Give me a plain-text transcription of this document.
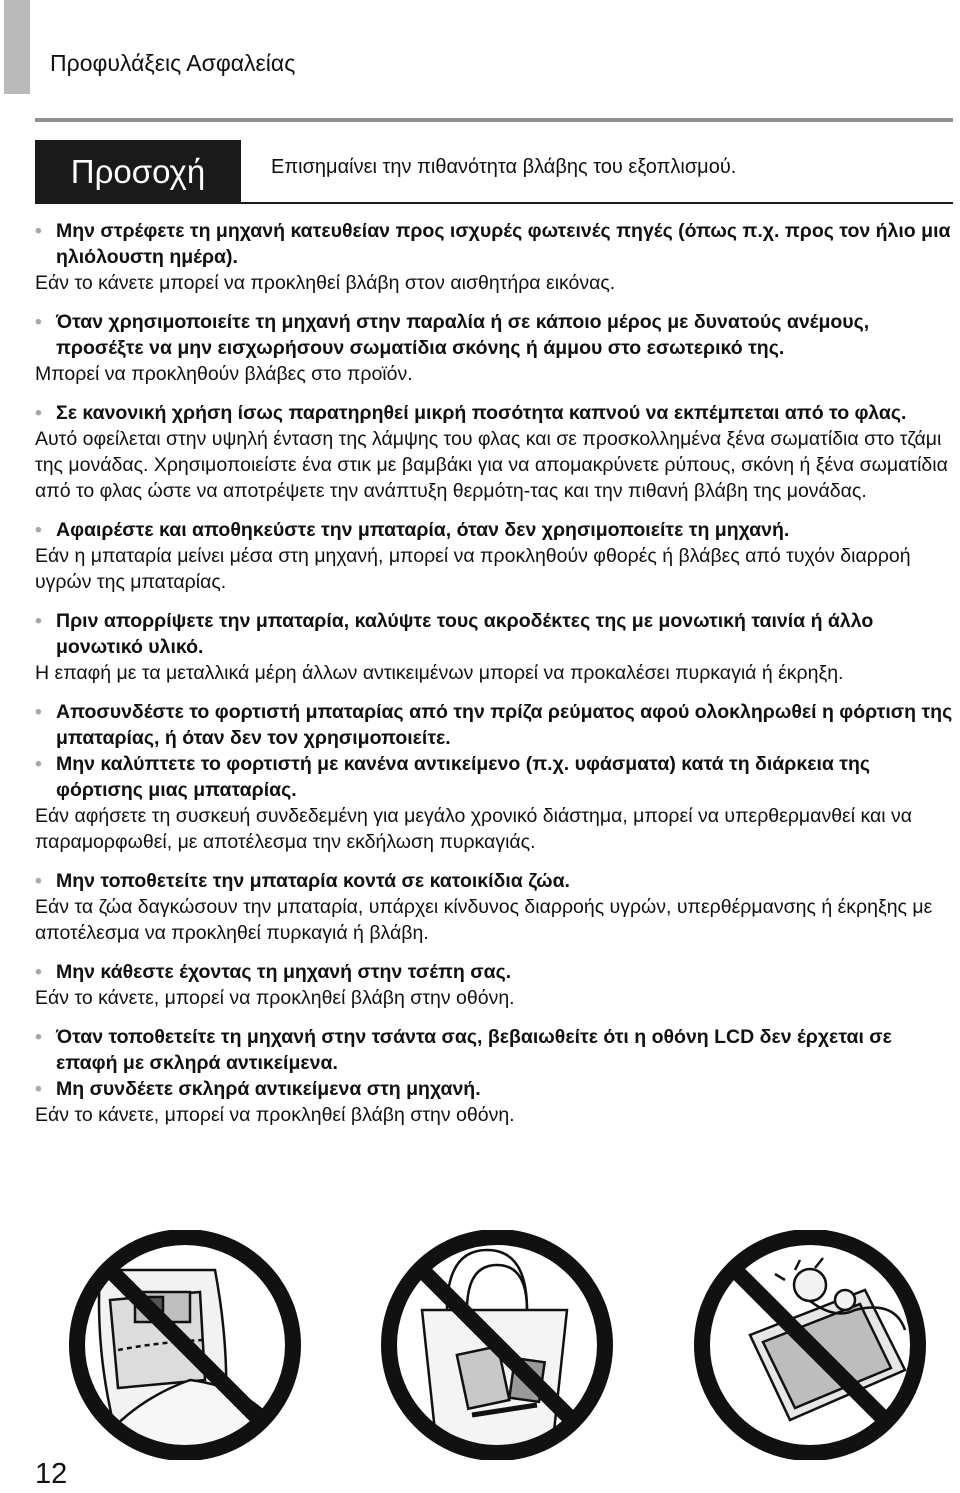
Προφυλάξεις Ασφαλείας
Προσοχή	Επισημαίνει την πιθανότητα βλάβης του εξοπλισμού.
• Μην στρέφετε τη μηχανή κατευθείαν προς ισχυρές φωτεινές πηγές (όπως π.χ. προς τον ήλιο μια ηλιόλουστη ημέρα).
Εάν το κάνετε μπορεί να προκληθεί βλάβη στον αισθητήρα εικόνας.
• Όταν χρησιμοποιείτε τη μηχανή στην παραλία ή σε κάποιο μέρος με δυνατούς ανέμους, προσέξτε να μην εισχωρήσουν σωματίδια σκόνης ή άμμου στο εσωτερικό της.
Μπορεί να προκληθούν βλάβες στο προϊόν.
• Σε κανονική χρήση ίσως παρατηρηθεί μικρή ποσότητα καπνού να εκπέμπεται από το φλας.
Αυτό οφείλεται στην υψηλή ένταση της λάμψης του φλας και σε προσκολλημένα ξένα σωματίδια στο τζάμι της μονάδας. Χρησιμοποιείστε ένα στικ με βαμβάκι για να απομακρύνετε ρύπους, σκόνη ή ξένα σωματίδια από το φλας ώστε να αποτρέψετε την ανάπτυξη θερμότη-τας και την πιθανή βλάβη της μονάδας.
• Αφαιρέστε και αποθηκεύστε την μπαταρία, όταν δεν χρησιμοποιείτε τη μηχανή.
Εάν η μπαταρία μείνει μέσα στη μηχανή, μπορεί να προκληθούν φθορές ή βλάβες από τυχόν διαρροή υγρών της μπαταρίας.
• Πριν απορρίψετε την μπαταρία, καλύψτε τους ακροδέκτες της με μονωτική ταινία ή άλλο μονωτικό υλικό.
Η επαφή με τα μεταλλικά μέρη άλλων αντικειμένων μπορεί να προκαλέσει πυρκαγιά ή έκρηξη.
• Αποσυνδέστε το φορτιστή μπαταρίας από την πρίζα ρεύματος αφού ολοκληρωθεί η φόρτιση της μπαταρίας, ή όταν δεν τον χρησιμοποιείτε.
• Μην καλύπτετε το φορτιστή με κανένα αντικείμενο (π.χ. υφάσματα) κατά τη διάρκεια της φόρτισης μιας μπαταρίας.
Εάν αφήσετε τη συσκευή συνδεδεμένη για μεγάλο χρονικό διάστημα, μπορεί να υπερθερμανθεί και να παραμορφωθεί, με αποτέλεσμα την εκδήλωση πυρκαγιάς.
• Μην τοποθετείτε την μπαταρία κοντά σε κατοικίδια ζώα.
Εάν τα ζώα δαγκώσουν την μπαταρία, υπάρχει κίνδυνος διαρροής υγρών, υπερθέρμανσης ή έκρηξης με αποτέλεσμα να προκληθεί πυρκαγιά ή βλάβη.
• Μην κάθεστε έχοντας τη μηχανή στην τσέπη σας.
Εάν το κάνετε, μπορεί να προκληθεί βλάβη στην οθόνη.
• Όταν τοποθετείτε τη μηχανή στην τσάντα σας, βεβαιωθείτε ότι η οθόνη LCD δεν έρχεται σε επαφή με σκληρά αντικείμενα.
• Μη συνδέετε σκληρά αντικείμενα στη μηχανή.
Εάν το κάνετε, μπορεί να προκληθεί βλάβη στην οθόνη.
12
